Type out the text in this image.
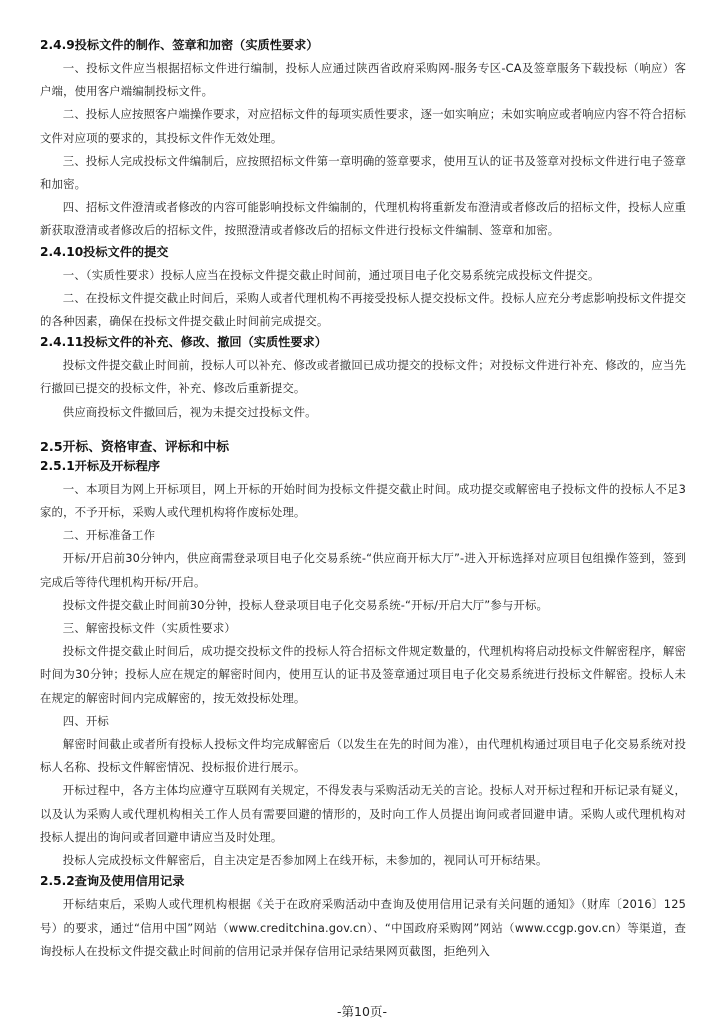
2.4.9投标文件的制作、签章和加密（实质性要求）

一、投标文件应当根据招标文件进行编制，投标人应通过陕西省政府采购网-服务专区-CA及签章服务下载投标（响应）客户端，使用客户端编制投标文件。

二、投标人应按照客户端操作要求，对应招标文件的每项实质性要求，逐一如实响应；未如实响应或者响应内容不符合招标文件对应项的要求的，其投标文件作无效处理。

三、投标人完成投标文件编制后，应按照招标文件第一章明确的签章要求，使用互认的证书及签章对投标文件进行电子签章和加密。

四、招标文件澄清或者修改的内容可能影响投标文件编制的，代理机构将重新发布澄清或者修改后的招标文件，投标人应重新获取澄清或者修改后的招标文件，按照澄清或者修改后的招标文件进行投标文件编制、签章和加密。

2.4.10投标文件的提交

一、（实质性要求）投标人应当在投标文件提交截止时间前，通过项目电子化交易系统完成投标文件提交。

二、在投标文件提交截止时间后，采购人或者代理机构不再接受投标人提交投标文件。投标人应充分考虑影响投标文件提交的各种因素，确保在投标文件提交截止时间前完成提交。

2.4.11投标文件的补充、修改、撤回（实质性要求）

投标文件提交截止时间前，投标人可以补充、修改或者撤回已成功提交的投标文件；对投标文件进行补充、修改的，应当先行撤回已提交的投标文件，补充、修改后重新提交。

供应商投标文件撤回后，视为未提交过投标文件。

2.5开标、资格审查、评标和中标

2.5.1开标及开标程序

一、本项目为网上开标项目，网上开标的开始时间为投标文件提交截止时间。成功提交或解密电子投标文件的投标人不足3家的，不予开标，采购人或代理机构将作废标处理。

二、开标准备工作

开标/开启前30分钟内，供应商需登录项目电子化交易系统-“供应商开标大厅”-进入开标选择对应项目包组操作签到，签到完成后等待代理机构开标/开启。

投标文件提交截止时间前30分钟，投标人登录项目电子化交易系统-“开标/开启大厅”参与开标。

三、解密投标文件（实质性要求）

投标文件提交截止时间后，成功提交投标文件的投标人符合招标文件规定数量的，代理机构将启动投标文件解密程序，解密时间为30分钟；投标人应在规定的解密时间内，使用互认的证书及签章通过项目电子化交易系统进行投标文件解密。投标人未在规定的解密时间内完成解密的，按无效投标处理。

四、开标

解密时间截止或者所有投标人投标文件均完成解密后（以发生在先的时间为准），由代理机构通过项目电子化交易系统对投标人名称、投标文件解密情况、投标报价进行展示。

开标过程中，各方主体均应遵守互联网有关规定，不得发表与采购活动无关的言论。投标人对开标过程和开标记录有疑义，以及认为采购人或代理机构相关工作人员有需要回避的情形的，及时向工作人员提出询问或者回避申请。采购人或代理机构对投标人提出的询问或者回避申请应当及时处理。

投标人完成投标文件解密后，自主决定是否参加网上在线开标，未参加的，视同认可开标结果。

2.5.2查询及使用信用记录

开标结束后，采购人或代理机构根据《关于在政府采购活动中查询及使用信用记录有关问题的通知》（财库〔2016〕125号）的要求，通过“信用中国”网站（www.creditchina.gov.cn）、“中国政府采购网”网站（www.ccgp.gov.cn）等渠道，查询投标人在投标文件提交截止时间前的信用记录并保存信用记录结果网页截图，拒绝列入

-第10页-
